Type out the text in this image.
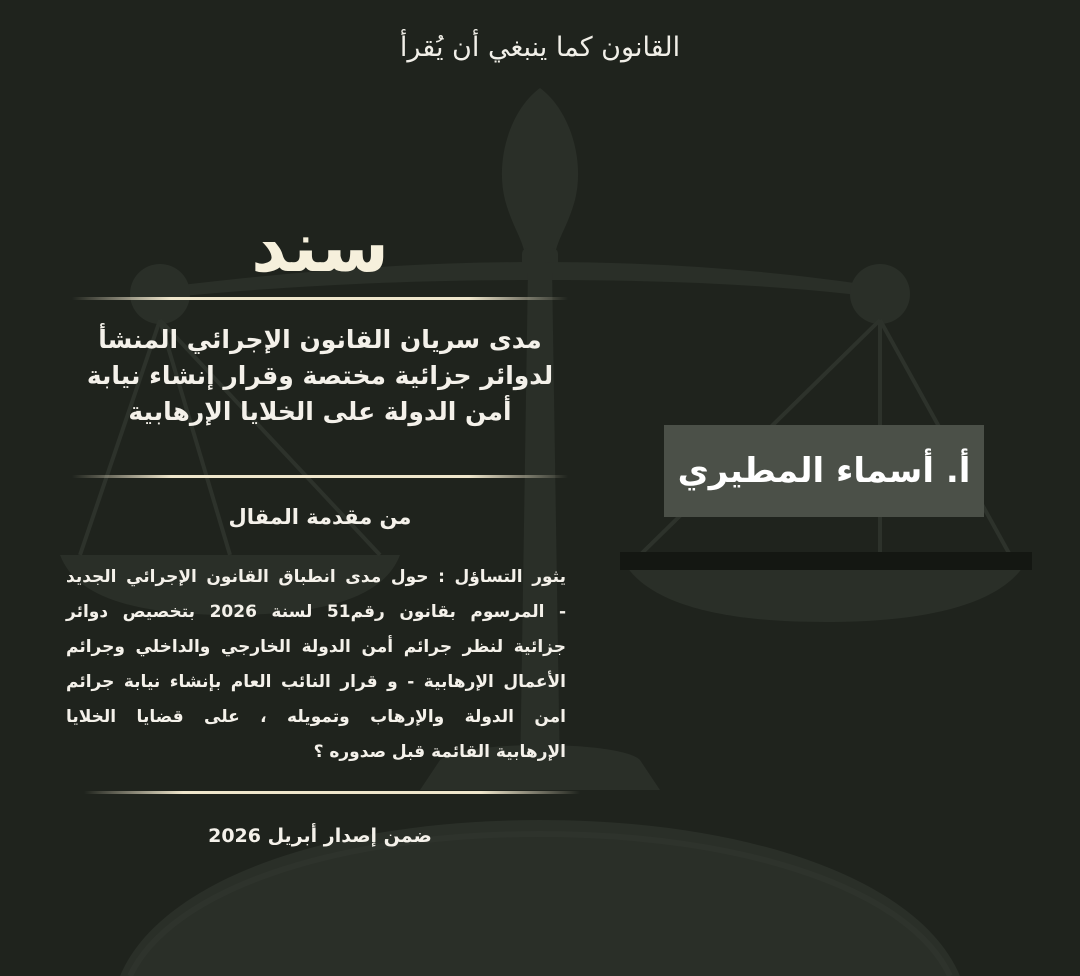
القانون كما ينبغي أن يُقرأ
سند
مدى سريان القانون الإجرائي المنشأ
لدوائر جزائية مختصة وقرار إنشاء نيابة
أمن الدولة على الخلايا الإرهابية
من مقدمة المقال
يثور التساؤل : حول مدى انطباق القانون الإجرائي الجديد
- المرسوم بقانون رقم51 لسنة 2026 بتخصيص دوائر
جزائية لنظر جرائم أمن الدولة الخارجي والداخلي وجرائم
الأعمال الإرهابية - و قرار النائب العام بإنشاء نيابة جرائم
امن الدولة والإرهاب وتمويله ، على قضايا الخلايا
الإرهابية القائمة قبل صدوره ؟
ضمن إصدار أبريل 2026
أ. أسماء المطيري
